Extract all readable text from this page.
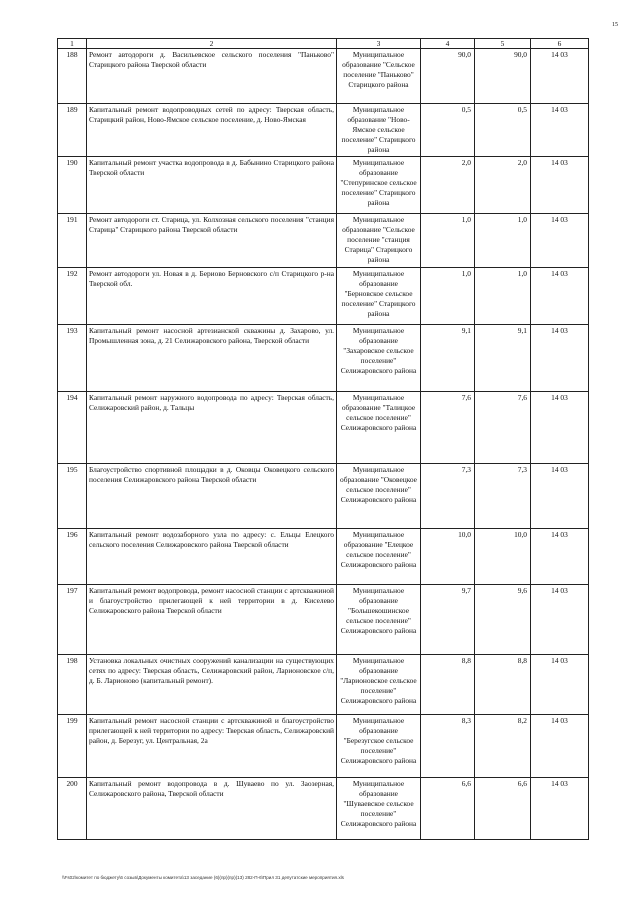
15
1	2	3	4	5	6
188	Ремонт автодороги д. Васильевское сельского поселения "Паньково" Старицкого района Тверской области	Муниципальное образование "Сельское поселение "Паньково" Старицкого района	90,0	90,0	14 03
189	Капитальный ремонт водопроводных сетей по адресу: Тверская область, Старицкий район, Ново-Ямское сельское поселение, д. Ново-Ямская	Муниципальное образование "Ново-Ямское сельское поселение" Старицкого района	0,5	0,5	14 03
190	Капитальный ремонт участка водопровода в д. Бабынино Старицкого района Тверской области	Муниципальное образование "Степуринское сельское поселение" Старицкого района	2,0	2,0	14 03
191	Ремонт автодороги ст. Старица, ул. Колхозная сельского поселения "станция Старица" Старицкого района Тверской области	Муниципальное образование "Сельское поселение "станция Старица" Старицкого района	1,0	1,0	14 03
192	Ремонт автодороги ул. Новая в д. Бериово Берновского с/п Старицкого р-на Тверской обл.	Муниципальное образование "Берновское сельское поселение" Старицкого района	1,0	1,0	14 03
193	Капитальный ремонт насосной артезианской скважины д. Захарово, ул. Промышленная зона, д. 21 Селижаровского района, Тверской области	Муниципальное образование "Захаровское сельское поселение" Селижаровского района	9,1	9,1	14 03
194	Капитальный ремонт наружного водопровода по адресу: Тверская область, Селижаровский район, д. Тальцы	Муниципальное образование "Талицкое сельское поселение" Селижаровского района	7,6	7,6	14 03
195	Благоустройство спортивной площадки в д. Оковцы Оковецкого сельского поселения Селижаровского района Тверской области	Муниципальное образование "Оковецкое сельское поселение" Селижаровского района	7,3	7,3	14 03
196	Капитальный ремонт водозаборного узла по адресу: с. Ельцы Елецкого сельского поселения Селижаровского района Тверской области	Муниципальное образование "Елецкое сельское поселение" Селижаровского района	10,0	10,0	14 03
197	Капитальный ремонт водопровода, ремонт насосной станции с артскважиной и благоустройство прилегающей к ней территории в д. Киселево Селижаровского района Тверской области	Муниципальное образование "Большекошинское сельское поселение" Селижаровского района	9,7	9,6	14 03
198	Установка локальных очистных сооружений канализации на существующих сетях по адресу: Тверская область, Селижаровский район, Ларионовское с/п, д. Б. Ларионово (капитальный ремонт).	Муниципальное образование "Ларионовское сельское поселение" Селижаровского района	8,8	8,8	14 03
199	Капитальный ремонт насосной станции с артскважиной и благоустройство прилегающей к ней территории по адресу: Тверская область, Селижаровский район, д. Березуг, ул. Центральная, 2а	Муниципальное образование "Березугское сельское поселение" Селижаровского района	8,3	8,2	14 03
200	Капитальный ремонт водопровода в д. Шуваево по ул. Заозерная, Селижаровского района, Тверской области	Муниципальное образование "Шуваевское сельское поселение" Селижаровского района	6,6	6,6	14 03
\\Fs02\комитет по бюджету\6 созыв\Документы комитета\13 заседание (6)(пр)(пр)(13) 282-П-6\Прил 31 депутатские мероприятия.xls
